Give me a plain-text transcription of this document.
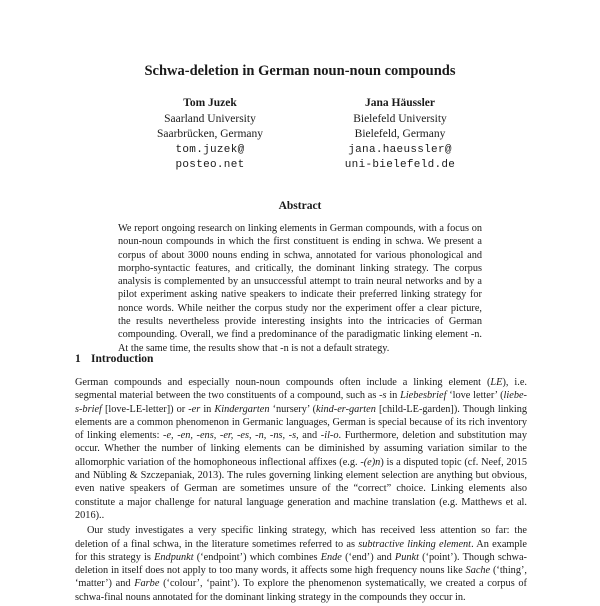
Schwa-deletion in German noun-noun compounds
Tom Juzek
Saarland University
Saarbrücken, Germany
tom.juzek@
posteo.net
Jana Häussler
Bielefeld University
Bielefeld, Germany
jana.haeussler@
uni-bielefeld.de
Abstract

We report ongoing research on linking elements in German compounds, with a focus on noun-noun compounds in which the first constituent is ending in schwa. We present a corpus of about 3000 nouns ending in schwa, annotated for various phonological and morpho-syntactic features, and critically, the dominant linking strategy. The corpus analysis is complemented by an unsuccessful attempt to train neural networks and by a pilot experiment asking native speakers to indicate their preferred linking strategy for nonce words. While neither the corpus study nor the experiment offer a clear picture, the results nevertheless provide interesting insights into the intricacies of German compounding. Overall, we find a predominance of the paradigmatic linking element -n. At the same time, the results show that -n is not a default strategy.

1 Introduction

German compounds and especially noun-noun compounds often include a linking element (LE), i.e. segmental material between the two constituents of a compound, such as -s in Liebesbrief ‘love letter’ (liebe-s-brief [love-LE-letter]) or -er in Kindergarten ‘nursery’ (kind-er-garten [child-LE-garden]). Though linking elements are a common phenomenon in Germanic languages, German is special because of its rich inventory of linking elements: -e, -en, -ens, -er, -es, -n, -ns, -s, and -il-o. Furthermore, deletion and substitution may occur. Whether the number of linking elements can be diminished by assuming variation similar to the allomorphic variation of the homophoneous inflectional affixes (e.g. -(e)n) is a disputed topic (cf. Neef, 2015 and Nübling & Szczepaniak, 2013). The rules governing linking element selection are anything but obvious, even native speakers of German are sometimes unsure of the “correct” choice. Linking elements also constitute a major challenge for natural language generation and machine translation (e.g. Matthews et al. 2016)..

Our study investigates a very specific linking strategy, which has received less attention so far: the deletion of a final schwa, in the literature sometimes referred to as subtractive linking element. An example for this strategy is Endpunkt (‘endpoint’) which combines Ende (‘end’) and Punkt (‘point’). Though schwa-deletion in itself does not apply to too many words, it affects some high frequency nouns like Sache (‘thing’, ‘matter’) and Farbe (‘colour’, ‘paint’). To explore the phenomenon systematically, we created a corpus of schwa-final nouns annotated for the dominant linking strategy in the compounds they occur in.
